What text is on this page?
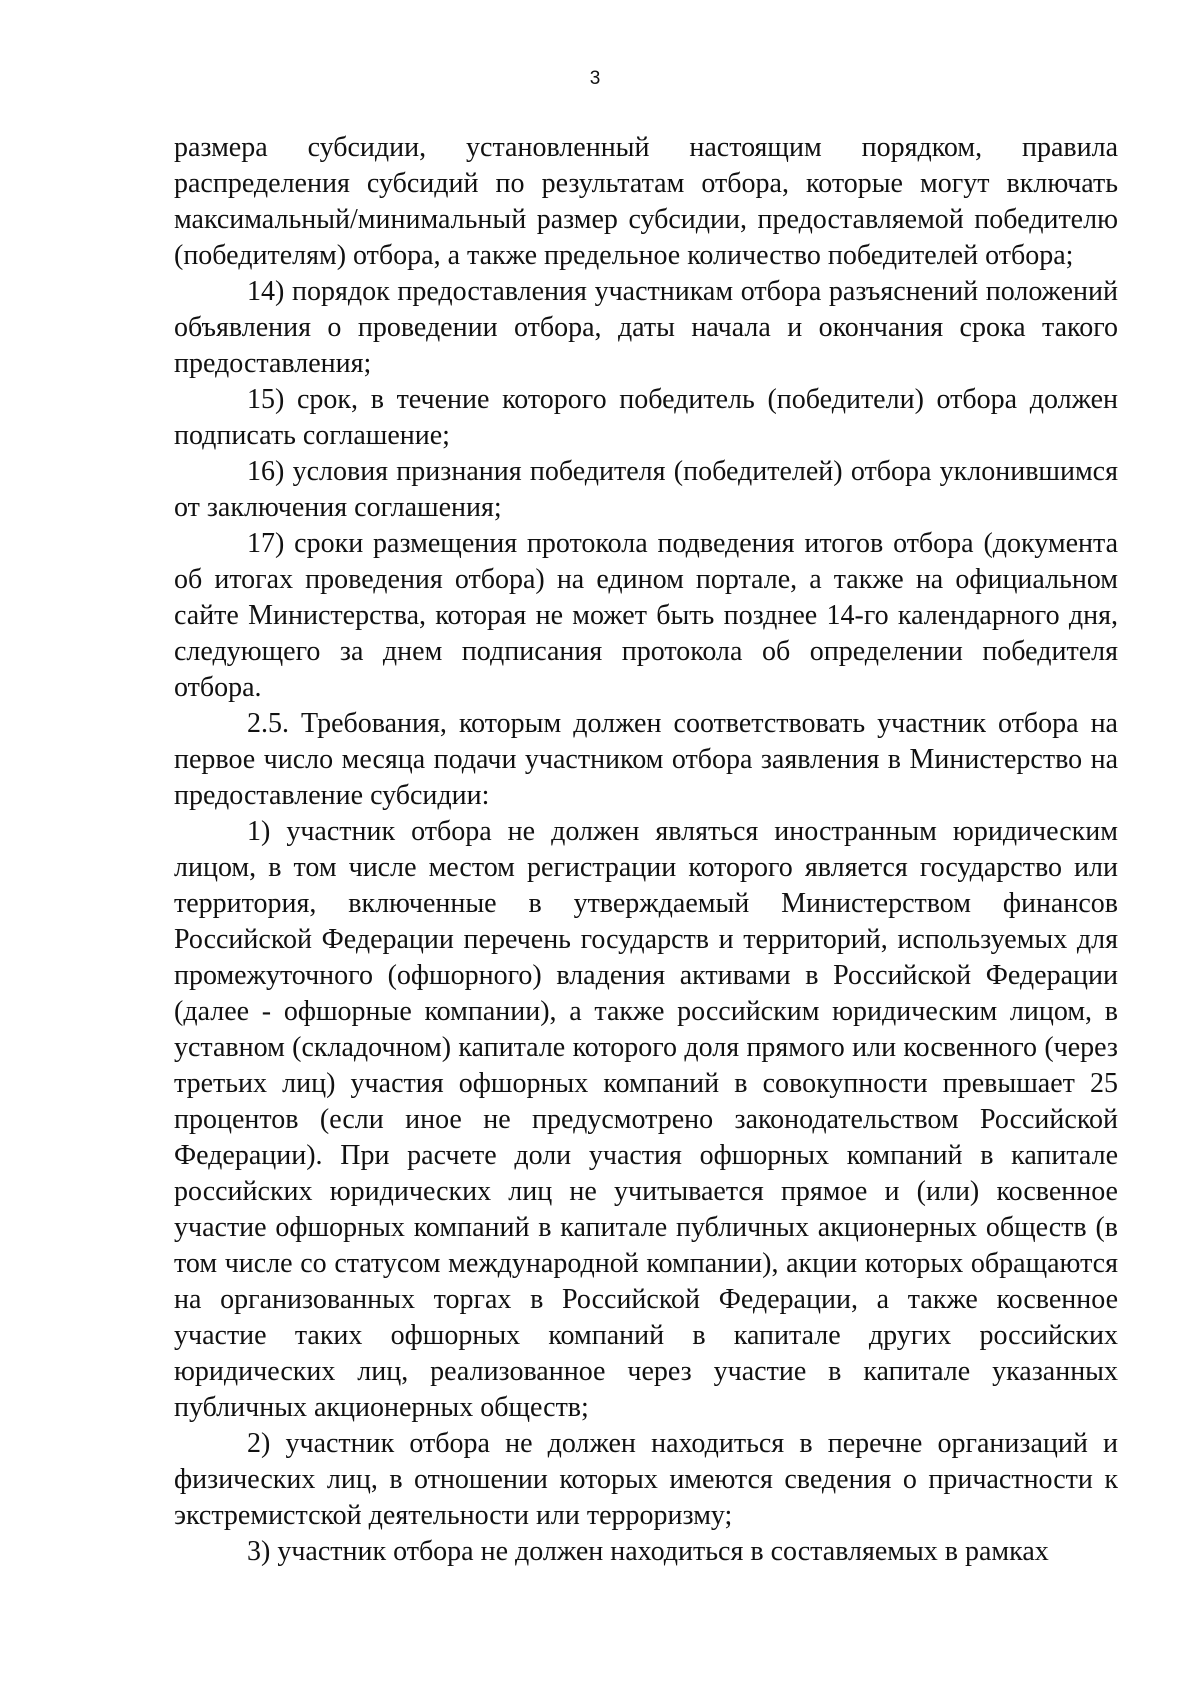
3

размера субсидии, установленный настоящим порядком, правила распределения субсидий по результатам отбора, которые могут включать максимальный/минимальный размер субсидии, предоставляемой победителю (победителям) отбора, а также предельное количество победителей отбора;

14) порядок предоставления участникам отбора разъяснений положений объявления о проведении отбора, даты начала и окончания срока такого предоставления;

15) срок, в течение которого победитель (победители) отбора должен подписать соглашение;

16) условия признания победителя (победителей) отбора уклонившимся от заключения соглашения;

17) сроки размещения протокола подведения итогов отбора (документа об итогах проведения отбора) на едином портале, а также на официальном сайте Министерства, которая не может быть позднее 14-го календарного дня, следующего за днем подписания протокола об определении победителя отбора.

2.5. Требования, которым должен соответствовать участник отбора на первое число месяца подачи участником отбора заявления в Министерство на предоставление субсидии:

1) участник отбора не должен являться иностранным юридическим лицом, в том числе местом регистрации которого является государство или территория, включенные в утверждаемый Министерством финансов Российской Федерации перечень государств и территорий, используемых для промежуточного (офшорного) владения активами в Российской Федерации (далее - офшорные компании), а также российским юридическим лицом, в уставном (складочном) капитале которого доля прямого или косвенного (через третьих лиц) участия офшорных компаний в совокупности превышает 25 процентов (если иное не предусмотрено законодательством Российской Федерации). При расчете доли участия офшорных компаний в капитале российских юридических лиц не учитывается прямое и (или) косвенное участие офшорных компаний в капитале публичных акционерных обществ (в том числе со статусом международной компании), акции которых обращаются на организованных торгах в Российской Федерации, а также косвенное участие таких офшорных компаний в капитале других российских юридических лиц, реализованное через участие в капитале указанных публичных акционерных обществ;

2) участник отбора не должен находиться в перечне организаций и физических лиц, в отношении которых имеются сведения о причастности к экстремистской деятельности или терроризму;

3) участник отбора не должен находиться в составляемых в рамках
